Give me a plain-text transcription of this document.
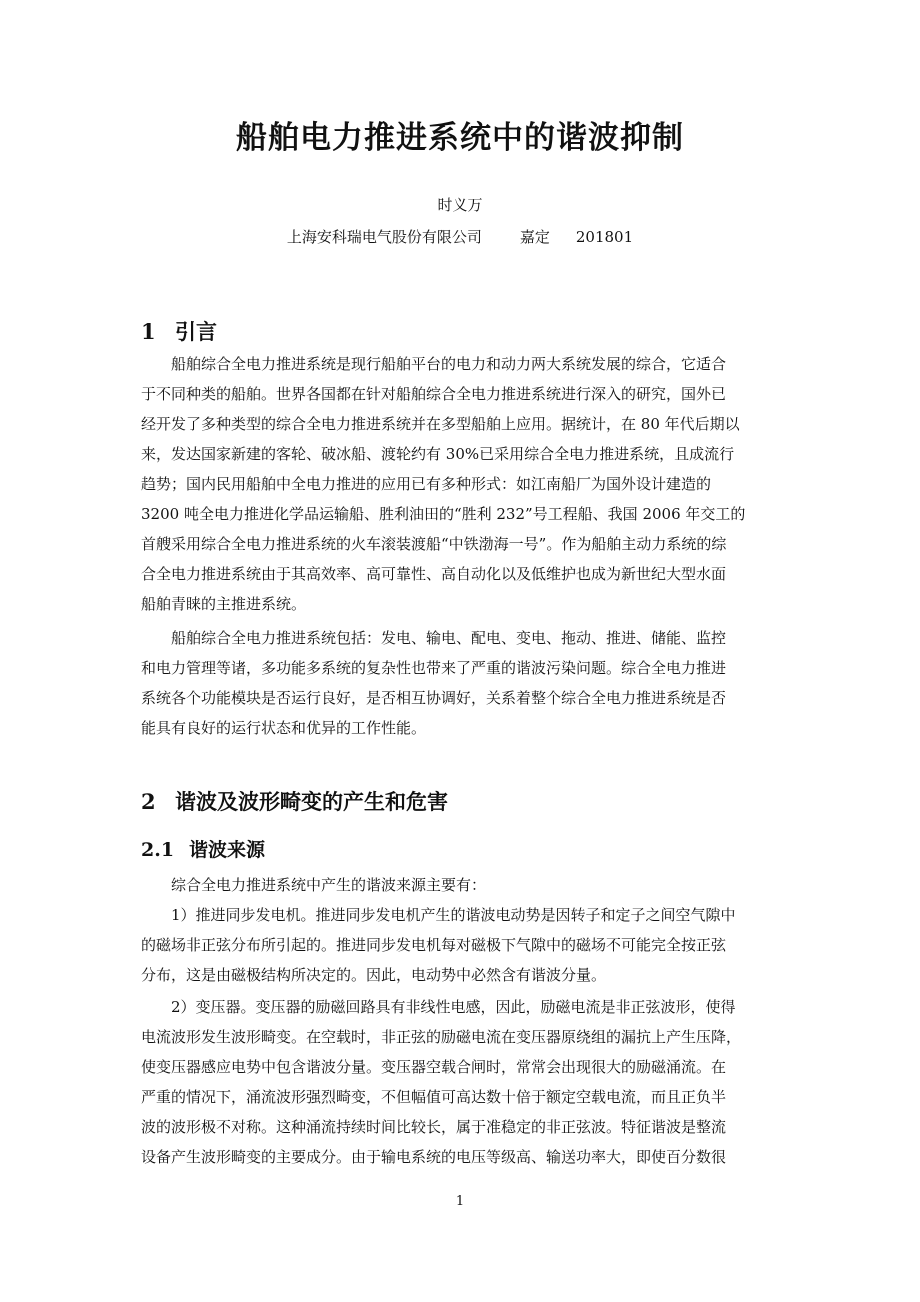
船舶电力推进系统中的谐波抑制
时义万
上海安科瑞电气股份有限公司	嘉定 201801
1 引言
船舶综合全电力推进系统是现行船舶平台的电力和动力两大系统发展的综合，它适合
于不同种类的船舶。世界各国都在针对船舶综合全电力推进系统进行深入的研究，国外已
经开发了多种类型的综合全电力推进系统并在多型船舶上应用。据统计，在 80 年代后期以
来，发达国家新建的客轮、破冰船、渡轮约有 30%已采用综合全电力推进系统，且成流行
趋势；国内民用船舶中全电力推进的应用已有多种形式：如江南船厂为国外设计建造的
3200 吨全电力推进化学品运输船、胜利油田的“胜利 232”号工程船、我国 2006 年交工的
首艘采用综合全电力推进系统的火车滚装渡船“中铁渤海一号”。作为船舶主动力系统的综
合全电力推进系统由于其高效率、高可靠性、高自动化以及低维护也成为新世纪大型水面
船舶青睐的主推进系统。
船舶综合全电力推进系统包括：发电、输电、配电、变电、拖动、推进、储能、监控
和电力管理等诸，多功能多系统的复杂性也带来了严重的谐波污染问题。综合全电力推进
系统各个功能模块是否运行良好，是否相互协调好，关系着整个综合全电力推进系统是否
能具有良好的运行状态和优异的工作性能。
2 谐波及波形畸变的产生和危害
2.1 谐波来源
综合全电力推进系统中产生的谐波来源主要有：
1）推进同步发电机。推进同步发电机产生的谐波电动势是因转子和定子之间空气隙中
的磁场非正弦分布所引起的。推进同步发电机每对磁极下气隙中的磁场不可能完全按正弦
分布，这是由磁极结构所决定的。因此，电动势中必然含有谐波分量。
2）变压器。变压器的励磁回路具有非线性电感，因此，励磁电流是非正弦波形，使得
电流波形发生波形畸变。在空载时，非正弦的励磁电流在变压器原绕组的漏抗上产生压降，
使变压器感应电势中包含谐波分量。变压器空载合闸时，常常会出现很大的励磁涌流。在
严重的情况下，涌流波形强烈畸变，不但幅值可高达数十倍于额定空载电流，而且正负半
波的波形极不对称。这种涌流持续时间比较长，属于准稳定的非正弦波。特征谐波是整流
设备产生波形畸变的主要成分。由于输电系统的电压等级高、输送功率大，即使百分数很
1
